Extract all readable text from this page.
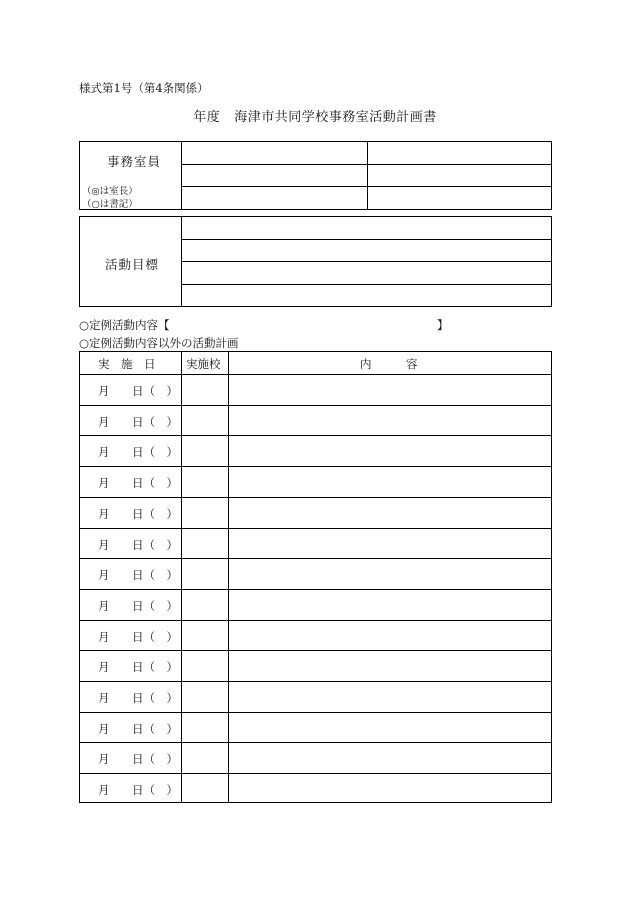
様式第1号（第4条関係）
年度 海津市共同学校事務室活動計画書
事務室員
（◎は室長）
（○は書記）
活動目標
○定例活動内容【	】
○定例活動内容以外の活動計画
実　施　日	実施校	内　　　容
月 日（　）
月 日（　）
月 日（　）
月 日（　）
月 日（　）
月 日（　）
月 日（　）
月 日（　）
月 日（　）
月 日（　）
月 日（　）
月 日（　）
月 日（　）
月 日（　）
